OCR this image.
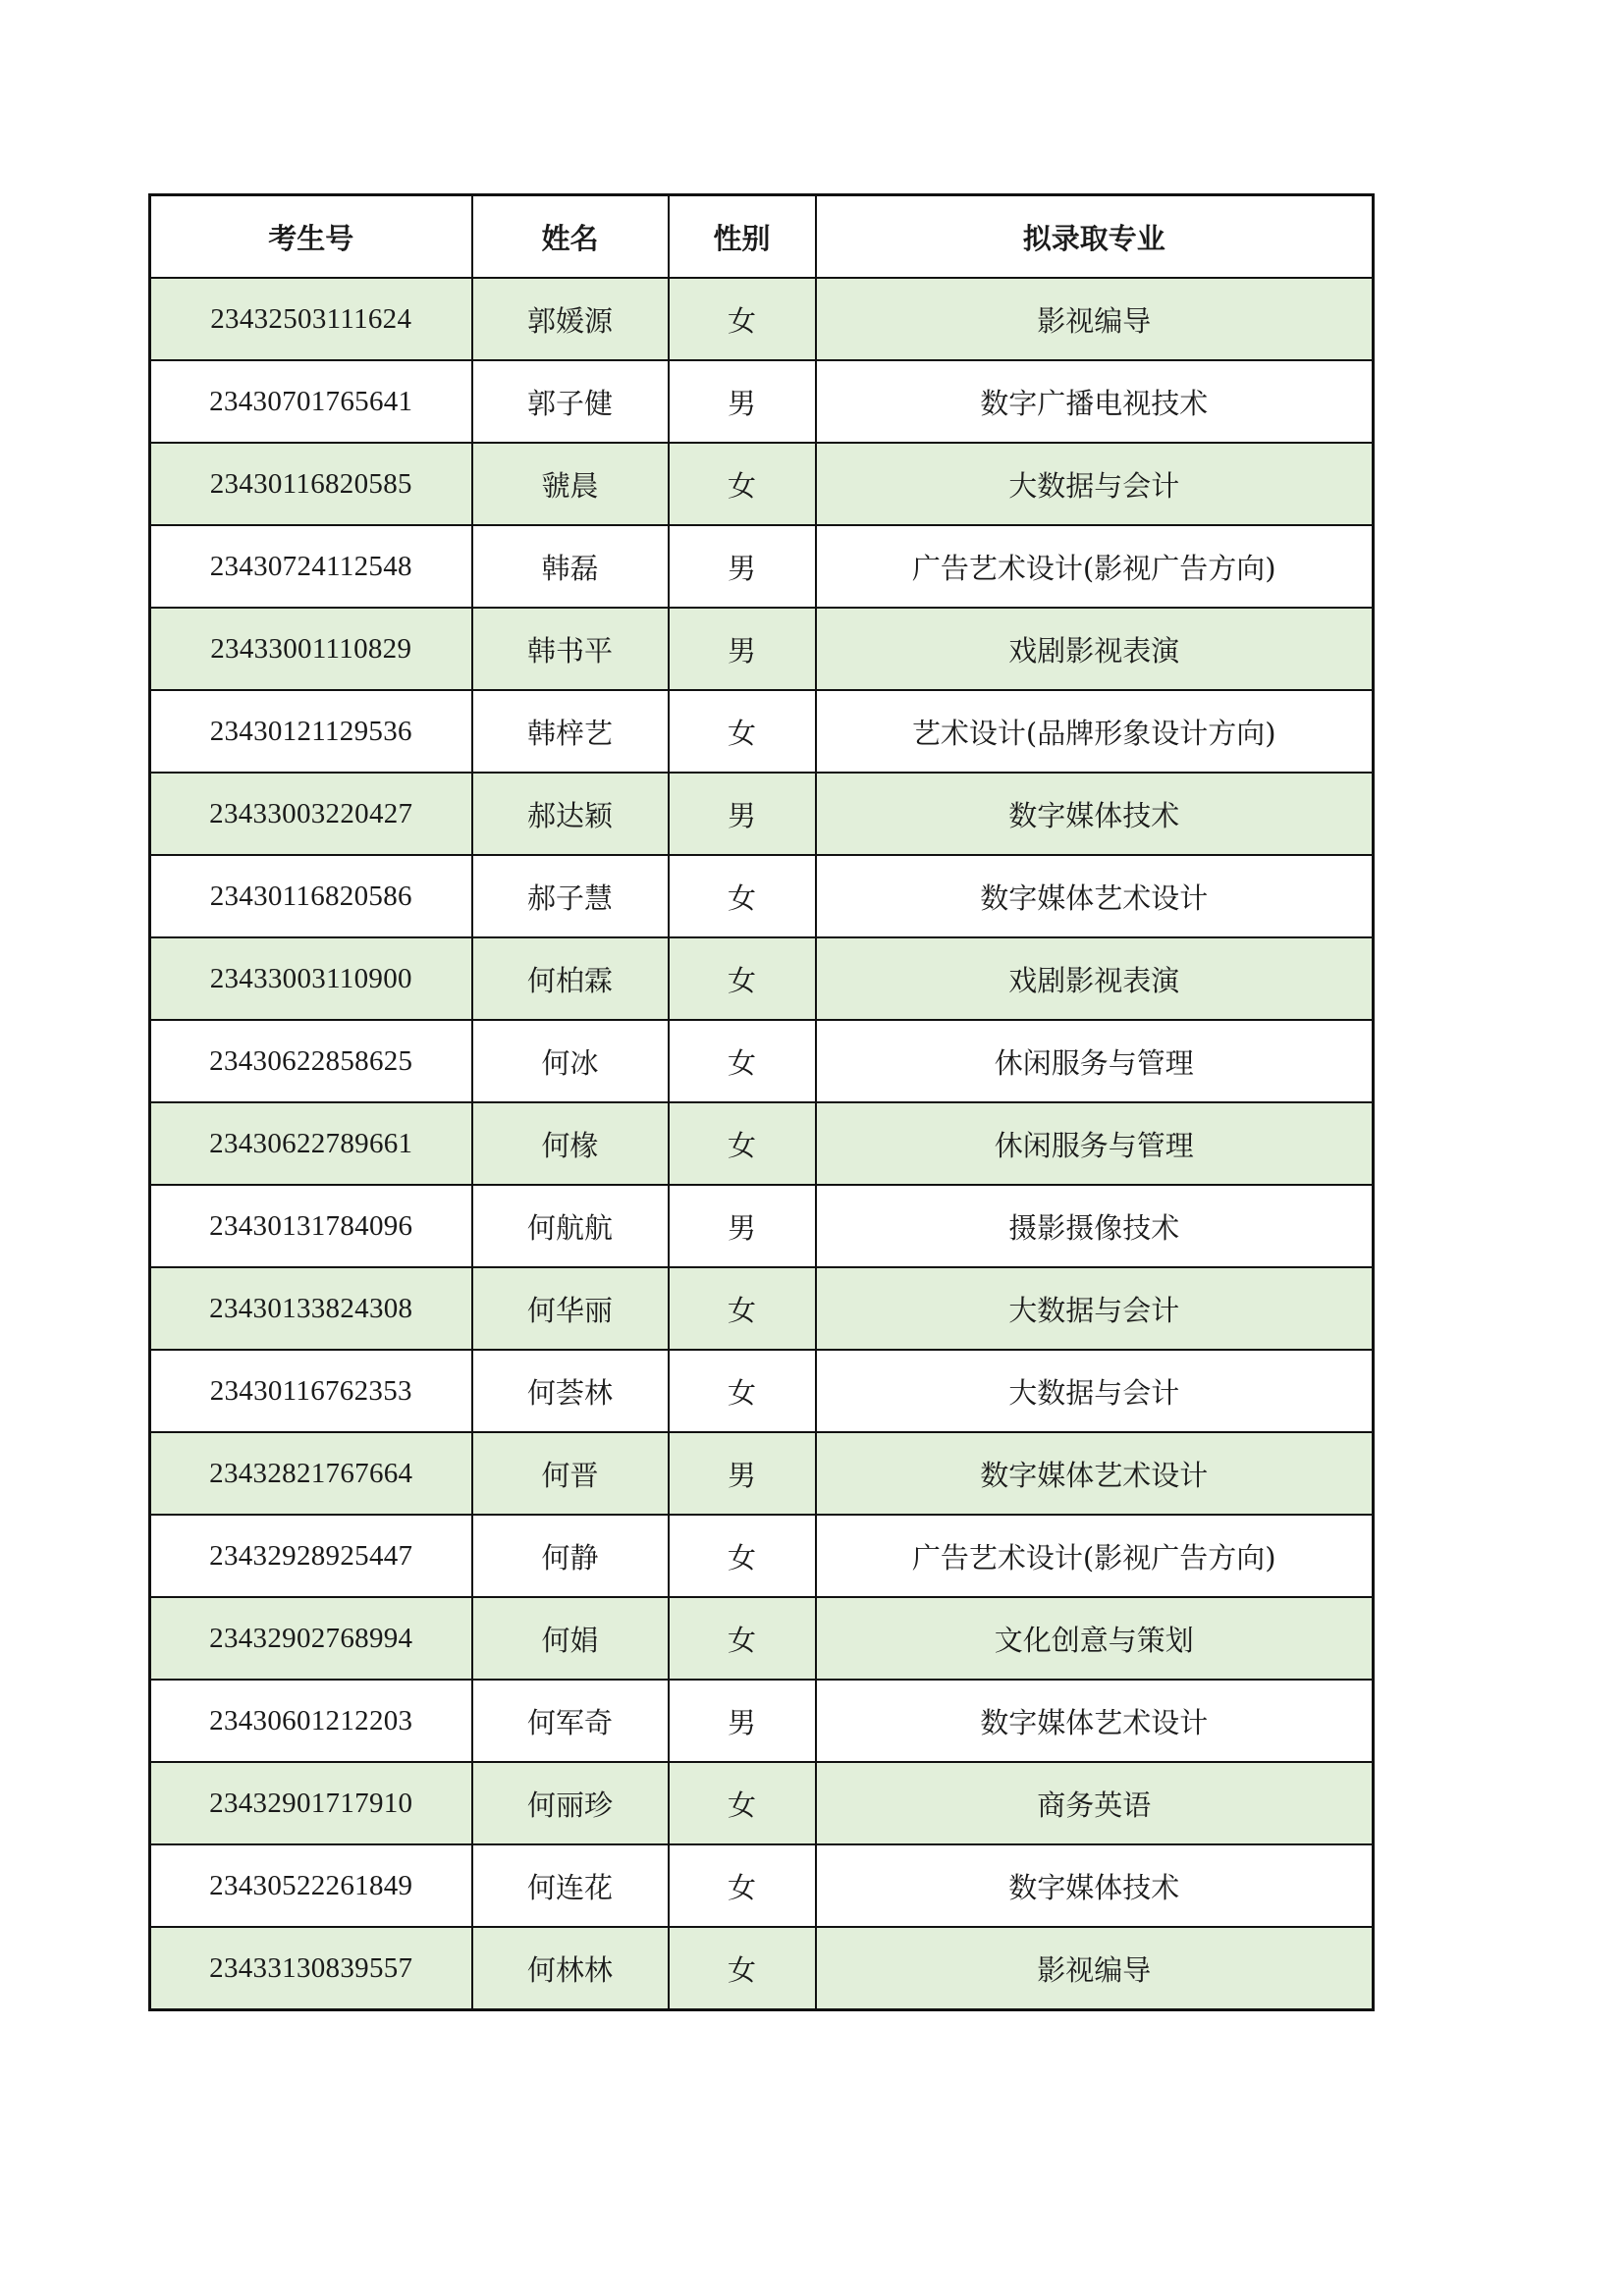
考生号	姓名	性别	拟录取专业
23432503111624	郭媛源	女	影视编导
23430701765641	郭子健	男	数字广播电视技术
23430116820585	虢晨	女	大数据与会计
23430724112548	韩磊	男	广告艺术设计(影视广告方向)
23433001110829	韩书平	男	戏剧影视表演
23430121129536	韩梓艺	女	艺术设计(品牌形象设计方向)
23433003220427	郝达颖	男	数字媒体技术
23430116820586	郝子慧	女	数字媒体艺术设计
23433003110900	何柏霖	女	戏剧影视表演
23430622858625	何冰	女	休闲服务与管理
23430622789661	何椽	女	休闲服务与管理
23430131784096	何航航	男	摄影摄像技术
23430133824308	何华丽	女	大数据与会计
23430116762353	何荟林	女	大数据与会计
23432821767664	何晋	男	数字媒体艺术设计
23432928925447	何静	女	广告艺术设计(影视广告方向)
23432902768994	何娟	女	文化创意与策划
23430601212203	何军奇	男	数字媒体艺术设计
23432901717910	何丽珍	女	商务英语
23430522261849	何连花	女	数字媒体技术
23433130839557	何林林	女	影视编导
